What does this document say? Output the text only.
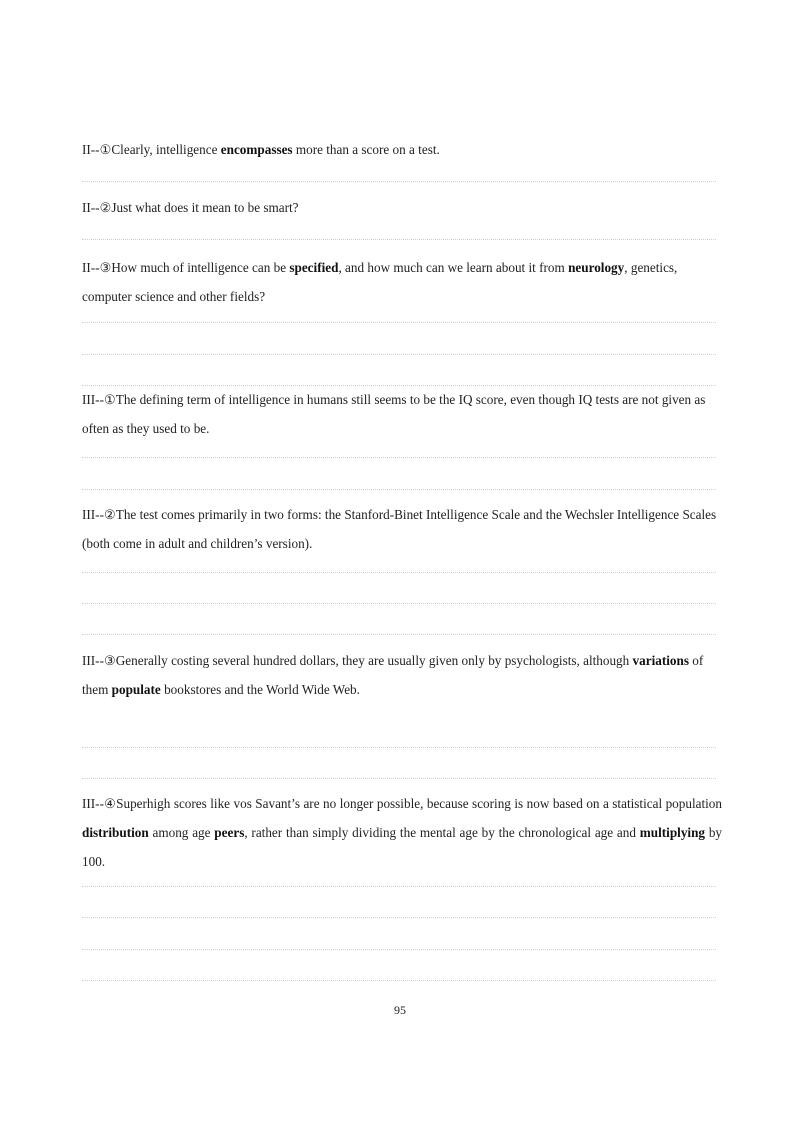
II--①Clearly, intelligence encompasses more than a score on a test.

II--②Just what does it mean to be smart?

II--③How much of intelligence can be specified, and how much can we learn about it from neurology, genetics, computer science and other fields?

III--①The defining term of intelligence in humans still seems to be the IQ score, even though IQ tests are not given as often as they used to be.

III--②The test comes primarily in two forms: the Stanford-Binet Intelligence Scale and the Wechsler Intelligence Scales (both come in adult and children’s version).

III--③Generally costing several hundred dollars, they are usually given only by psychologists, although variations of them populate bookstores and the World Wide Web.

III--④Superhigh scores like vos Savant’s are no longer possible, because scoring is now based on a statistical population distribution among age peers, rather than simply dividing the mental age by the chronological age and multiplying by 100.

95
